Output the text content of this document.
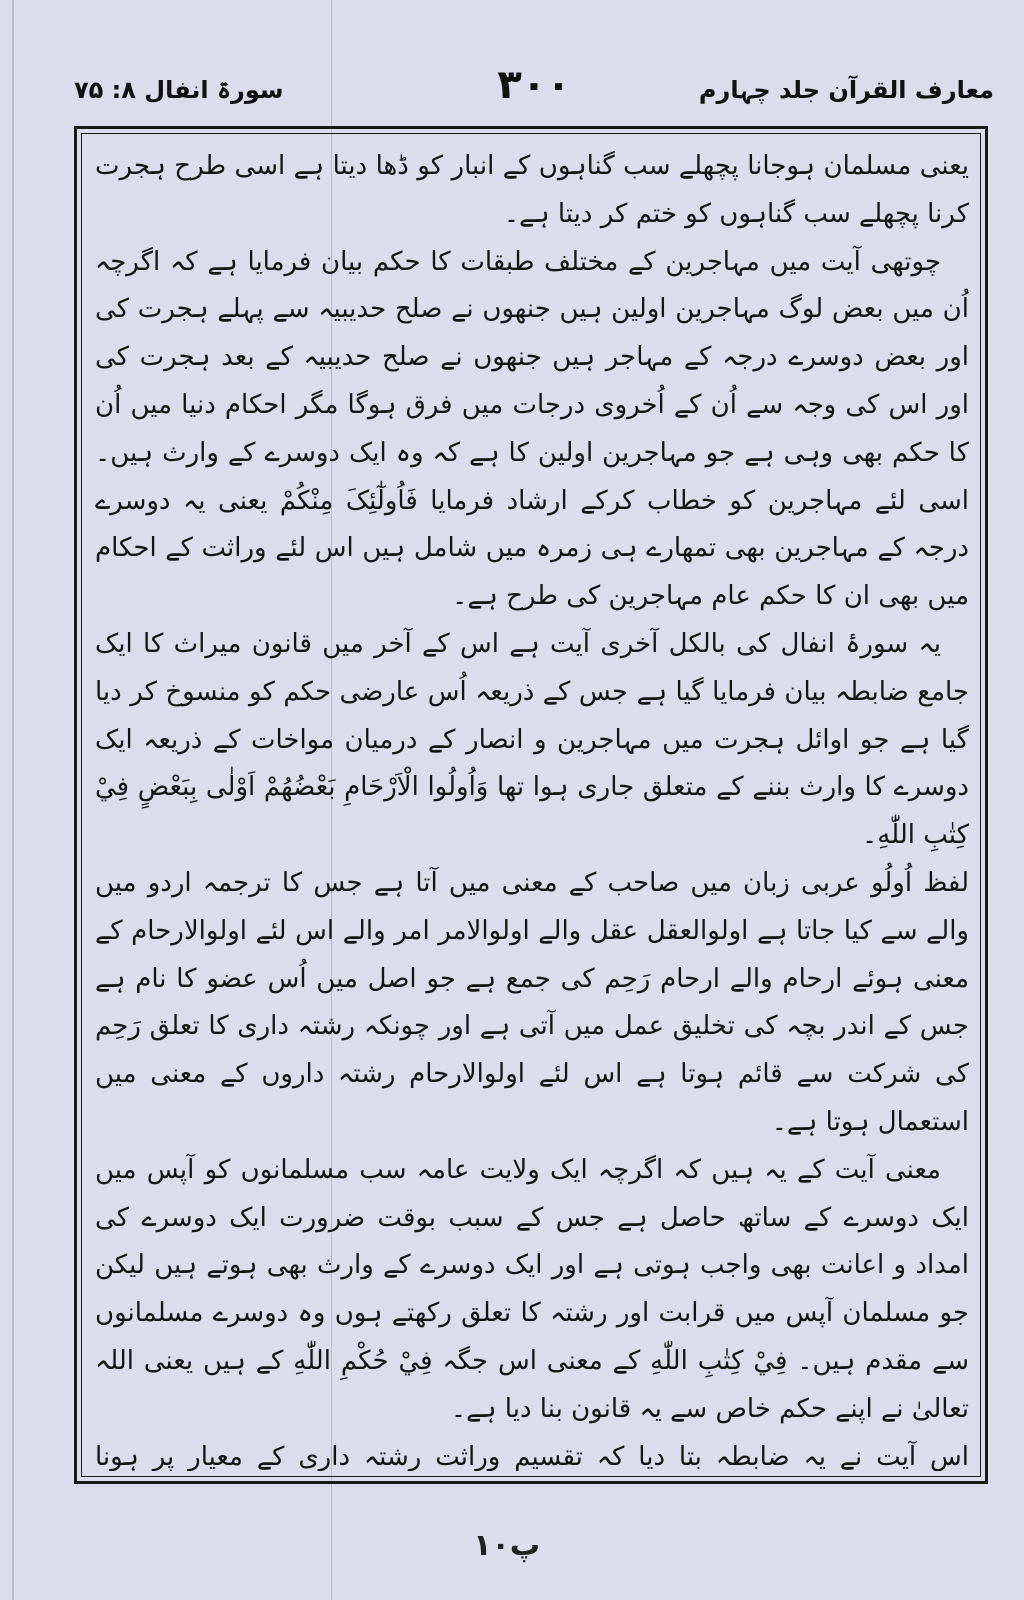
سورۃ انفال ۸: ۷۵	۳۰۰	معارف القرآن جلد چہارم

یعنی مسلمان ہوجانا پچھلے سب گناہوں کے انبار کو ڈھا دیتا ہے اسی طرح ہجرت کرنا پچھلے سب گناہوں کو ختم کر دیتا ہے۔

چوتھی آیت میں مہاجرین کے مختلف طبقات کا حکم بیان فرمایا ہے کہ اگرچہ اُن میں بعض لوگ مہاجرین اولین ہیں جنھوں نے صلح حدیبیہ سے پہلے ہجرت کی اور بعض دوسرے درجہ کے مہاجر ہیں جنھوں نے صلح حدیبیہ کے بعد ہجرت کی اور اس کی وجہ سے اُن کے اُخروی درجات میں فرق ہوگا مگر احکام دنیا میں اُن کا حکم بھی وہی ہے جو مہاجرین اولین کا ہے کہ وہ ایک دوسرے کے وارث ہیں۔ اسی لئے مہاجرین کو خطاب کرکے ارشاد فرمایا فَاُولٰٓئِکَ مِنْکُمْ یعنی یہ دوسرے درجہ کے مہاجرین بھی تمھارے ہی زمرہ میں شامل ہیں اس لئے وراثت کے احکام میں بھی ان کا حکم عام مہاجرین کی طرح ہے۔

یہ سورۂ انفال کی بالکل آخری آیت ہے اس کے آخر میں قانون میراث کا ایک جامع ضابطہ بیان فرمایا گیا ہے جس کے ذریعہ اُس عارضی حکم کو منسوخ کر دیا گیا ہے جو اوائل ہجرت میں مہاجرین و انصار کے درمیان مواخات کے ذریعہ ایک دوسرے کا وارث بننے کے متعلق جاری ہوا تھا وَاُولُوا الْاَرْحَامِ بَعْضُهُمْ اَوْلٰى بِبَعْضٍ فِيْ كِتٰبِ اللّٰهِ۔

لفظ اُولُو عربی زبان میں صاحب کے معنی میں آتا ہے جس کا ترجمہ اردو میں والے سے کیا جاتا ہے اولوالعقل عقل والے اولوالامر امر والے اس لئے اولوالارحام کے معنی ہوئے ارحام والے ارحام رَحِم کی جمع ہے جو اصل میں اُس عضو کا نام ہے جس کے اندر بچہ کی تخلیق عمل میں آتی ہے اور چونکہ رشتہ داری کا تعلق رَحِم کی شرکت سے قائم ہوتا ہے اس لئے اولوالارحام رشتہ داروں کے معنی میں استعمال ہوتا ہے۔

معنی آیت کے یہ ہیں کہ اگرچہ ایک ولایت عامہ سب مسلمانوں کو آپس میں ایک دوسرے کے ساتھ حاصل ہے جس کے سبب بوقت ضرورت ایک دوسرے کی امداد و اعانت بھی واجب ہوتی ہے اور ایک دوسرے کے وارث بھی ہوتے ہیں لیکن جو مسلمان آپس میں قرابت اور رشتہ کا تعلق رکھتے ہوں وہ دوسرے مسلمانوں سے مقدم ہیں۔ فِيْ كِتٰبِ اللّٰهِ کے معنی اس جگہ فِيْ حُكْمِ اللّٰهِ کے ہیں یعنی اللہ تعالیٰ نے اپنے حکم خاص سے یہ قانون بنا دیا ہے۔

اس آیت نے یہ ضابطہ بتا دیا کہ تقسیم وراثت رشتہ داری کے معیار پر ہونا

پ۱۰
